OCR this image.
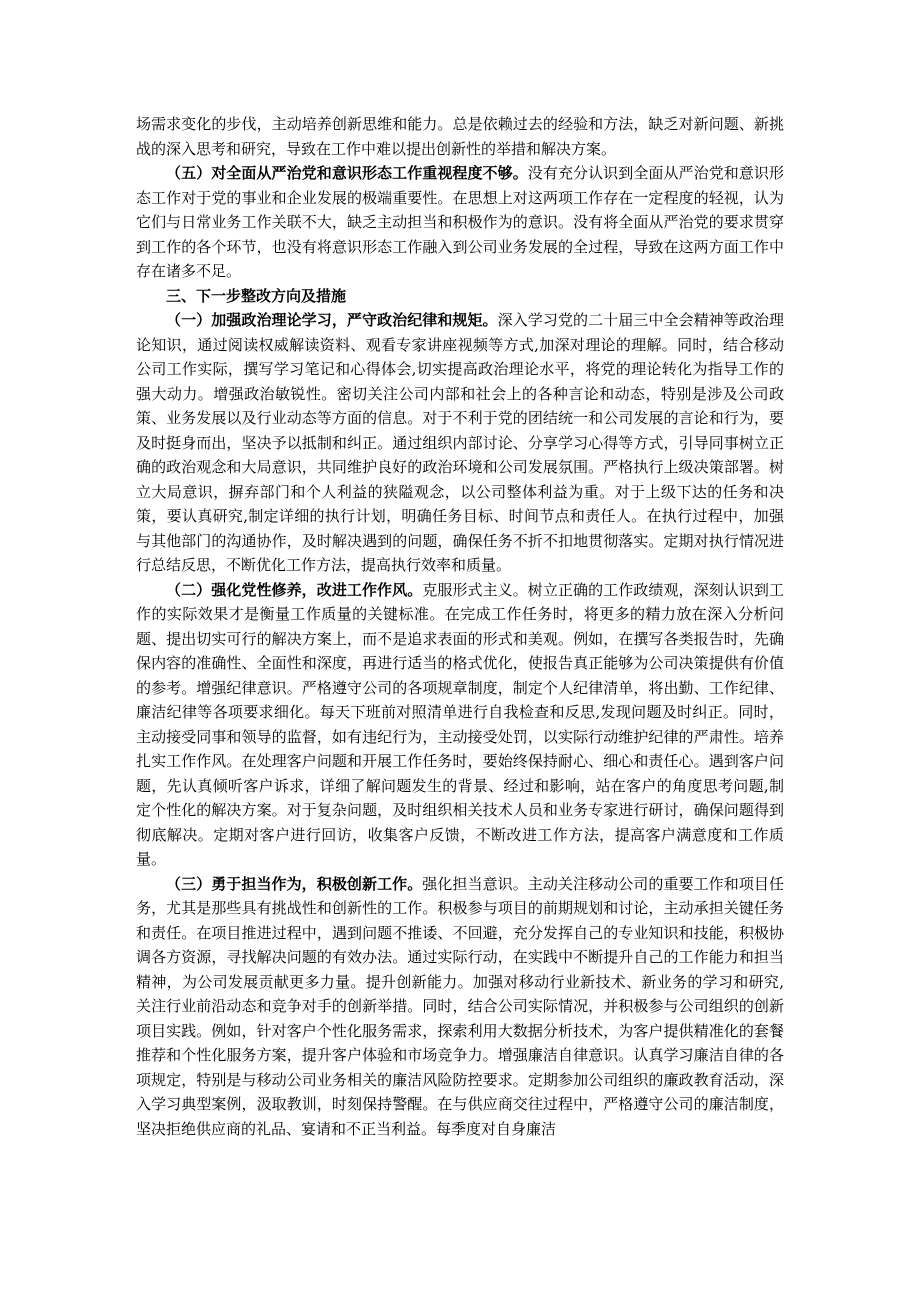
场需求变化的步伐，主动培养创新思维和能力。总是依赖过去的经验和方法，缺乏对新问题、新挑战的深入思考和研究，导致在工作中难以提出创新性的举措和解决方案。

（五）对全面从严治党和意识形态工作重视程度不够。没有充分认识到全面从严治党和意识形态工作对于党的事业和企业发展的极端重要性。在思想上对这两项工作存在一定程度的轻视，认为它们与日常业务工作关联不大，缺乏主动担当和积极作为的意识。没有将全面从严治党的要求贯穿到工作的各个环节，也没有将意识形态工作融入到公司业务发展的全过程，导致在这两方面工作中存在诸多不足。

三、下一步整改方向及措施

（一）加强政治理论学习，严守政治纪律和规矩。深入学习党的二十届三中全会精神等政治理论知识，通过阅读权威解读资料、观看专家讲座视频等方式,加深对理论的理解。同时，结合移动公司工作实际，撰写学习笔记和心得体会,切实提高政治理论水平，将党的理论转化为指导工作的强大动力。增强政治敏锐性。密切关注公司内部和社会上的各种言论和动态，特别是涉及公司政策、业务发展以及行业动态等方面的信息。对于不利于党的团结统一和公司发展的言论和行为，要及时挺身而出，坚决予以抵制和纠正。通过组织内部讨论、分享学习心得等方式，引导同事树立正确的政治观念和大局意识，共同维护良好的政治环境和公司发展氛围。严格执行上级决策部署。树立大局意识，摒弃部门和个人利益的狭隘观念，以公司整体利益为重。对于上级下达的任务和决策，要认真研究,制定详细的执行计划，明确任务目标、时间节点和责任人。在执行过程中，加强与其他部门的沟通协作，及时解决遇到的问题，确保任务不折不扣地贯彻落实。定期对执行情况进行总结反思，不断优化工作方法，提高执行效率和质量。

（二）强化党性修养，改进工作作风。克服形式主义。树立正确的工作政绩观，深刻认识到工作的实际效果才是衡量工作质量的关键标准。在完成工作任务时，将更多的精力放在深入分析问题、提出切实可行的解决方案上，而不是追求表面的形式和美观。例如，在撰写各类报告时，先确保内容的准确性、全面性和深度，再进行适当的格式优化，使报告真正能够为公司决策提供有价值的参考。增强纪律意识。严格遵守公司的各项规章制度，制定个人纪律清单，将出勤、工作纪律、廉洁纪律等各项要求细化。每天下班前对照清单进行自我检查和反思,发现问题及时纠正。同时，主动接受同事和领导的监督，如有违纪行为，主动接受处罚，以实际行动维护纪律的严肃性。培养扎实工作作风。在处理客户问题和开展工作任务时，要始终保持耐心、细心和责任心。遇到客户问题，先认真倾听客户诉求，详细了解问题发生的背景、经过和影响，站在客户的角度思考问题,制定个性化的解决方案。对于复杂问题，及时组织相关技术人员和业务专家进行研讨，确保问题得到彻底解决。定期对客户进行回访，收集客户反馈，不断改进工作方法，提高客户满意度和工作质量。

（三）勇于担当作为，积极创新工作。强化担当意识。主动关注移动公司的重要工作和项目任务，尤其是那些具有挑战性和创新性的工作。积极参与项目的前期规划和讨论，主动承担关键任务和责任。在项目推进过程中，遇到问题不推诿、不回避，充分发挥自己的专业知识和技能，积极协调各方资源，寻找解决问题的有效办法。通过实际行动，在实践中不断提升自己的工作能力和担当精神，为公司发展贡献更多力量。提升创新能力。加强对移动行业新技术、新业务的学习和研究,关注行业前沿动态和竞争对手的创新举措。同时，结合公司实际情况，并积极参与公司组织的创新项目实践。例如，针对客户个性化服务需求，探索利用大数据分析技术，为客户提供精准化的套餐推荐和个性化服务方案，提升客户体验和市场竞争力。增强廉洁自律意识。认真学习廉洁自律的各项规定，特别是与移动公司业务相关的廉洁风险防控要求。定期参加公司组织的廉政教育活动，深入学习典型案例，汲取教训，时刻保持警醒。在与供应商交往过程中，严格遵守公司的廉洁制度，坚决拒绝供应商的礼品、宴请和不正当利益。每季度对自身廉洁
